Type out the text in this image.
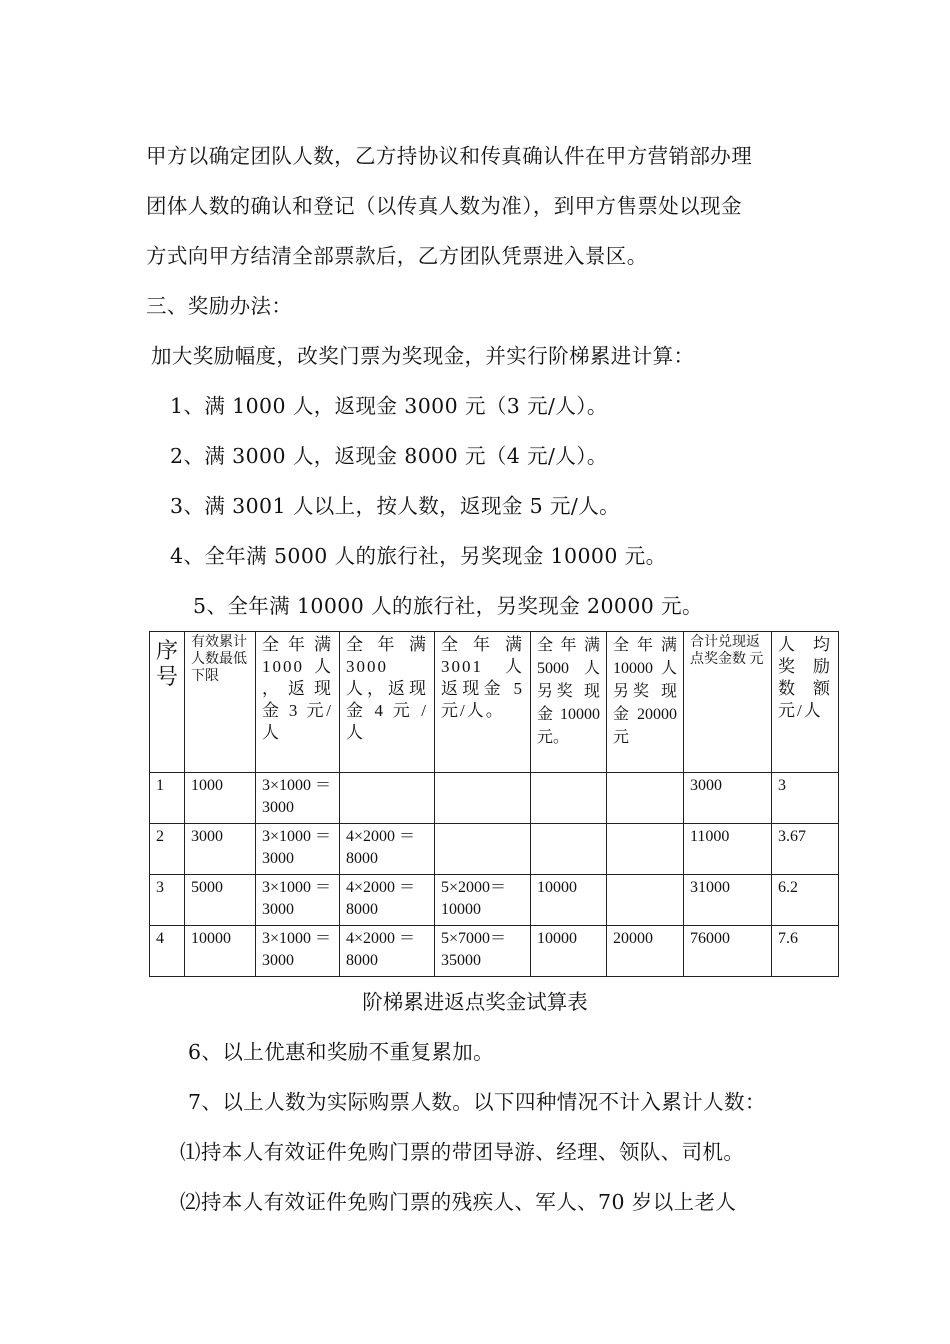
甲方以确定团队人数，乙方持协议和传真确认件在甲方营销部办理
团体人数的确认和登记（以传真人数为准），到甲方售票处以现金
方式向甲方结清全部票款后，乙方团队凭票进入景区。
三、奖励办法：
加大奖励幅度，改奖门票为奖现金，并实行阶梯累进计算：
1、满 1000 人，返现金 3000 元（3 元/人）。
2、满 3000 人，返现金 8000 元（4 元/人）。
3、满 3001 人以上，按人数，返现金 5 元/人。
4、全年满 5000 人的旅行社，另奖现金 10000 元。
5、全年满 10000 人的旅行社，另奖现金 20000 元。
序号	有效累计人数最低下限	全 年 满 1000 人 ， 返 现 金 3 元/人	全 年 满 3000 人，返现金 4 元 / 人	全 年 满 3001 人 返现金 5 元/人。	全年满 5000 人另奖 现 金 10000 元。	全年满 10000 人另奖 现 金 20000 元	合计兑现返点奖金数 元	人 均 奖 励 数额 元/人
1	1000	3×1000 ＝3000					3000	3
2	3000	3×1000 ＝3000	4×2000 ＝8000				11000	3.67
3	5000	3×1000 ＝3000	4×2000 ＝8000	5×2000＝ 10000	10000		31000	6.2
4	10000	3×1000 ＝3000	4×2000 ＝8000	5×7000＝ 35000	10000	20000	76000	7.6
阶梯累进返点奖金试算表
6、以上优惠和奖励不重复累加。
7、以上人数为实际购票人数。以下四种情况不计入累计人数：
⑴持本人有效证件免购门票的带团导游、经理、领队、司机。
⑵持本人有效证件免购门票的残疾人、军人、70 岁以上老人
